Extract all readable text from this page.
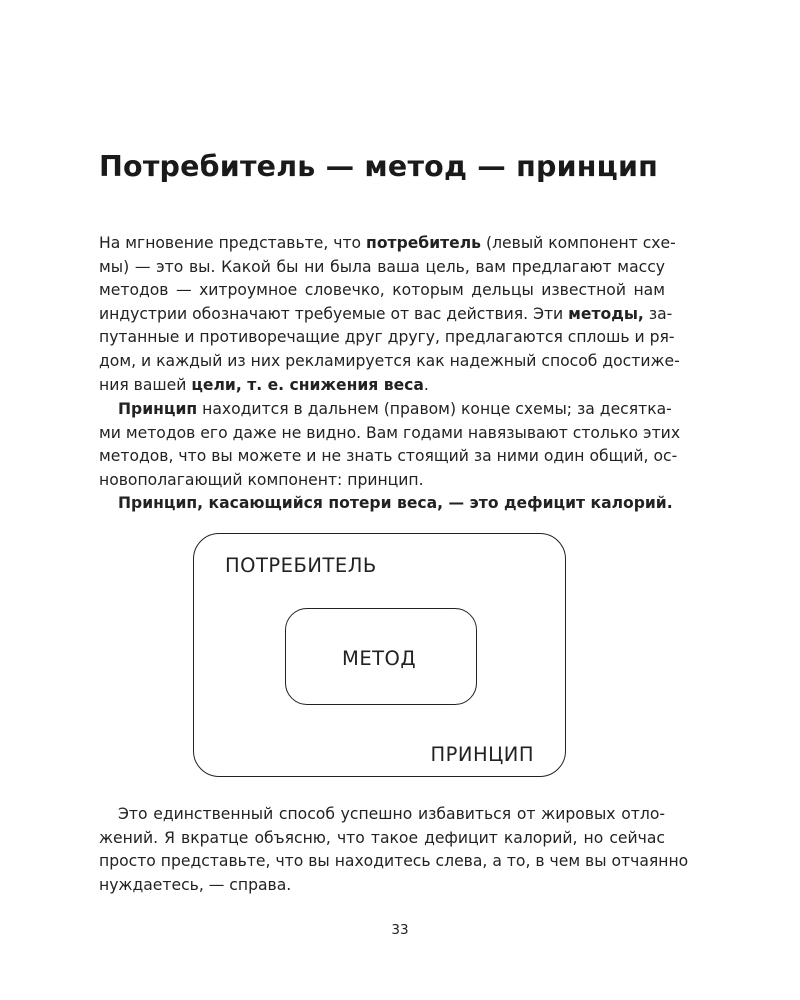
Потребитель — метод — принцип
На мгновение представьте, что потребитель (левый компонент схе-
мы) — это вы. Какой бы ни была ваша цель, вам предлагают массу
методов — хитроумное словечко, которым дельцы известной нам
индустрии обозначают требуемые от вас действия. Эти методы, за-
путанные и противоречащие друг другу, предлагаются сплошь и ря-
дом, и каждый из них рекламируется как надежный способ достиже-
ния вашей цели, т. е. снижения веса.
Принцип находится в дальнем (правом) конце схемы; за десятка-
ми методов его даже не видно. Вам годами навязывают столько этих
методов, что вы можете и не знать стоящий за ними один общий, ос-
новополагающий компонент: принцип.
Принцип, касающийся потери веса, — это дефицит калорий.
ПОТРЕБИТЕЛЬ
МЕТОД
ПРИНЦИП
Это единственный способ успешно избавиться от жировых отло-
жений. Я вкратце объясню, что такое дефицит калорий, но сейчас
просто представьте, что вы находитесь слева, а то, в чем вы отчаянно
нуждаетесь, — справа.
33
